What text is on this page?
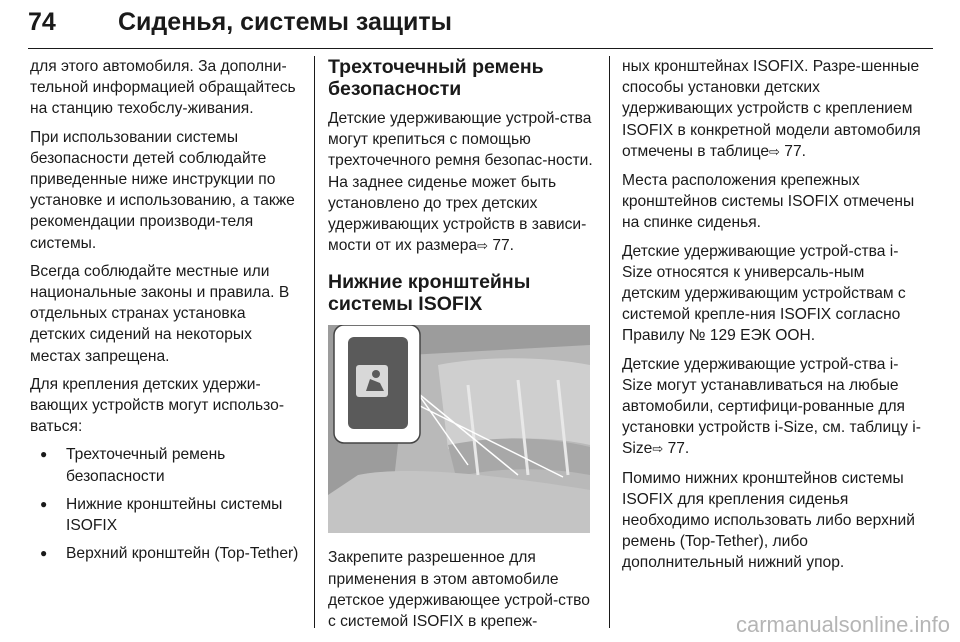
74 Сиденья, системы защиты

для этого автомобиля. За дополни-тельной информацией обращайтесь на станцию техобслу-живания.

При использовании системы безопасности детей соблюдайте приведенные ниже инструкции по установке и использованию, а также рекомендации производи-теля системы.

Всегда соблюдайте местные или национальные законы и правила. В отдельных странах установка детских сидений на некоторых местах запрещена.

Для крепления детских удержи-вающих устройств могут использо-ваться:

● Трехточечный ремень безопасности
● Нижние кронштейны системы ISOFIX
● Верхний кронштейн (Top-Tether)
Трехточечный ремень безопасности

Детские удерживающие устрой-ства могут крепиться с помощью трехточечного ремня безопас-ности. На заднее сиденье может быть установлено до трех детских удерживающих устройств в зависи-мости от их размера⇨ 77.

Нижние кронштейны системы ISOFIX

Закрепите разрешенное для применения в этом автомобиле детское удерживающее устрой-ство с системой ISOFIX в крепеж-

ных кронштейнах ISOFIX. Разре-шенные способы установки детских удерживающих устройств с креплением ISOFIX в конкретной модели автомобиля отмечены в таблице⇨ 77.

Места расположения крепежных кронштейнов системы ISOFIX отмечены на спинке сиденья.

Детские удерживающие устрой-ства i-Size относятся к универсаль-ным детским удерживающим устройствам с системой крепле-ния ISOFIX согласно Правилу № 129 ЕЭК ООН.

Детские удерживающие устрой-ства i-Size могут устанавливаться на любые автомобили, сертифици-рованные для установки устройств i-Size, см. таблицу i-Size⇨ 77.

Помимо нижних кронштейнов системы ISOFIX для крепления сиденья необходимо использовать либо верхний ремень (Top-Tether), либо дополнительный нижний упор.

carmanualsonline.info
